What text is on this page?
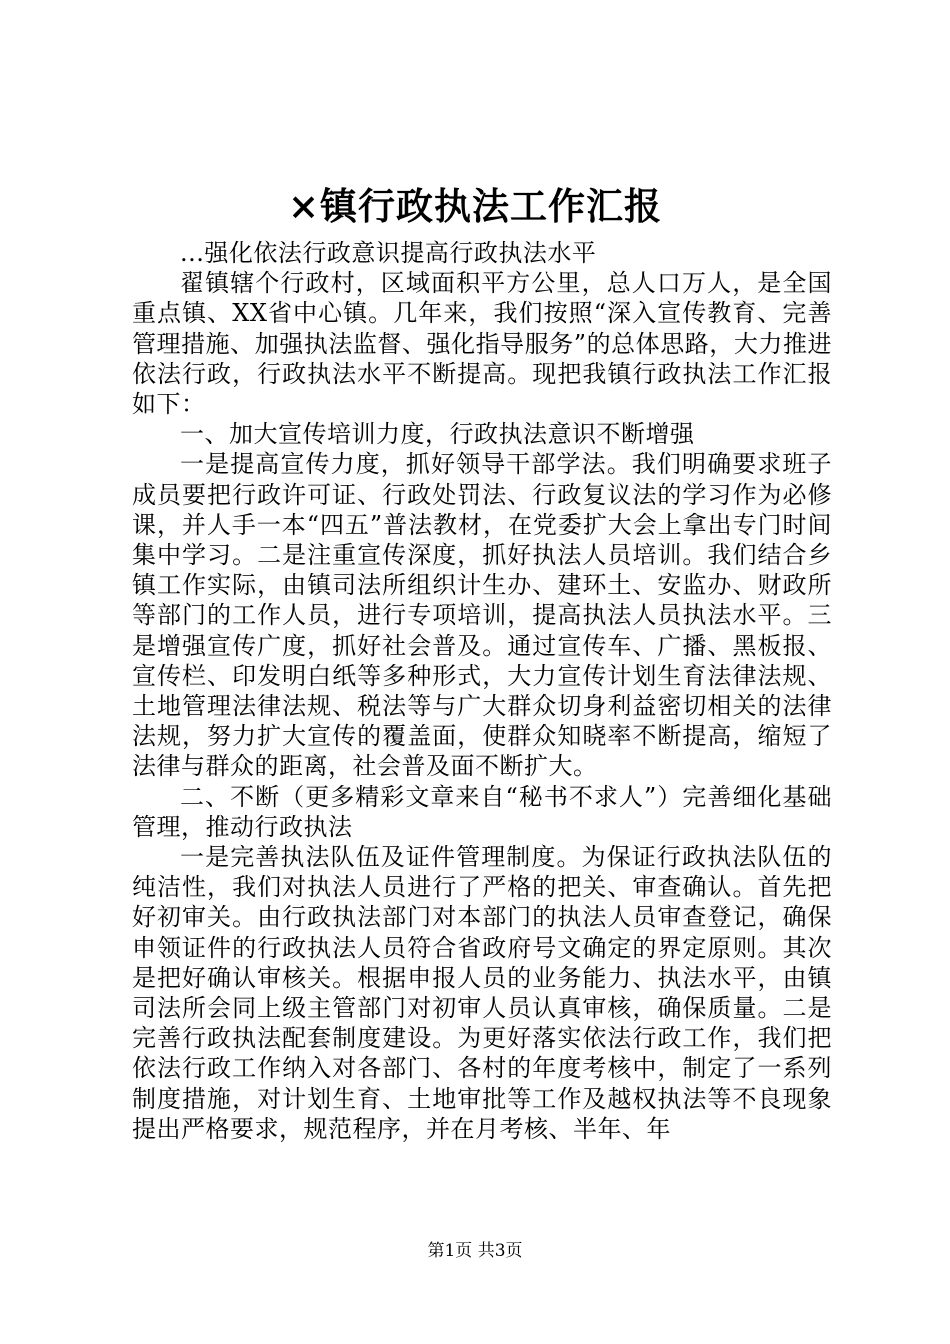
×镇行政执法工作汇报

...强化依法行政意识提高行政执法水平

翟镇辖个行政村，区域面积平方公里，总人口万人，是全国重点镇、XX省中心镇。几年来，我们按照“深入宣传教育、完善管理措施、加强执法监督、强化指导服务”的总体思路，大力推进依法行政，行政执法水平不断提高。现把我镇行政执法工作汇报如下：

一、加大宣传培训力度，行政执法意识不断增强

一是提高宣传力度，抓好领导干部学法。我们明确要求班子成员要把行政许可证、行政处罚法、行政复议法的学习作为必修课，并人手一本“四五”普法教材，在党委扩大会上拿出专门时间集中学习。二是注重宣传深度，抓好执法人员培训。我们结合乡镇工作实际，由镇司法所组织计生办、建环土、安监办、财政所等部门的工作人员，进行专项培训，提高执法人员执法水平。三是增强宣传广度，抓好社会普及。通过宣传车、广播、黑板报、宣传栏、印发明白纸等多种形式，大力宣传计划生育法律法规、土地管理法律法规、税法等与广大群众切身利益密切相关的法律法规，努力扩大宣传的覆盖面，使群众知晓率不断提高，缩短了法律与群众的距离，社会普及面不断扩大。

二、不断（更多精彩文章来自“秘书不求人”）完善细化基础管理，推动行政执法

一是完善执法队伍及证件管理制度。为保证行政执法队伍的纯洁性，我们对执法人员进行了严格的把关、审查确认。首先把好初审关。由行政执法部门对本部门的执法人员审查登记，确保申领证件的行政执法人员符合省政府号文确定的界定原则。其次是把好确认审核关。根据申报人员的业务能力、执法水平，由镇司法所会同上级主管部门对初审人员认真审核，确保质量。二是完善行政执法配套制度建设。为更好落实依法行政工作，我们把依法行政工作纳入对各部门、各村的年度考核中，制定了一系列制度措施，对计划生育、土地审批等工作及越权执法等不良现象提出严格要求，规范程序，并在月考核、半年、年

第1页 共3页
